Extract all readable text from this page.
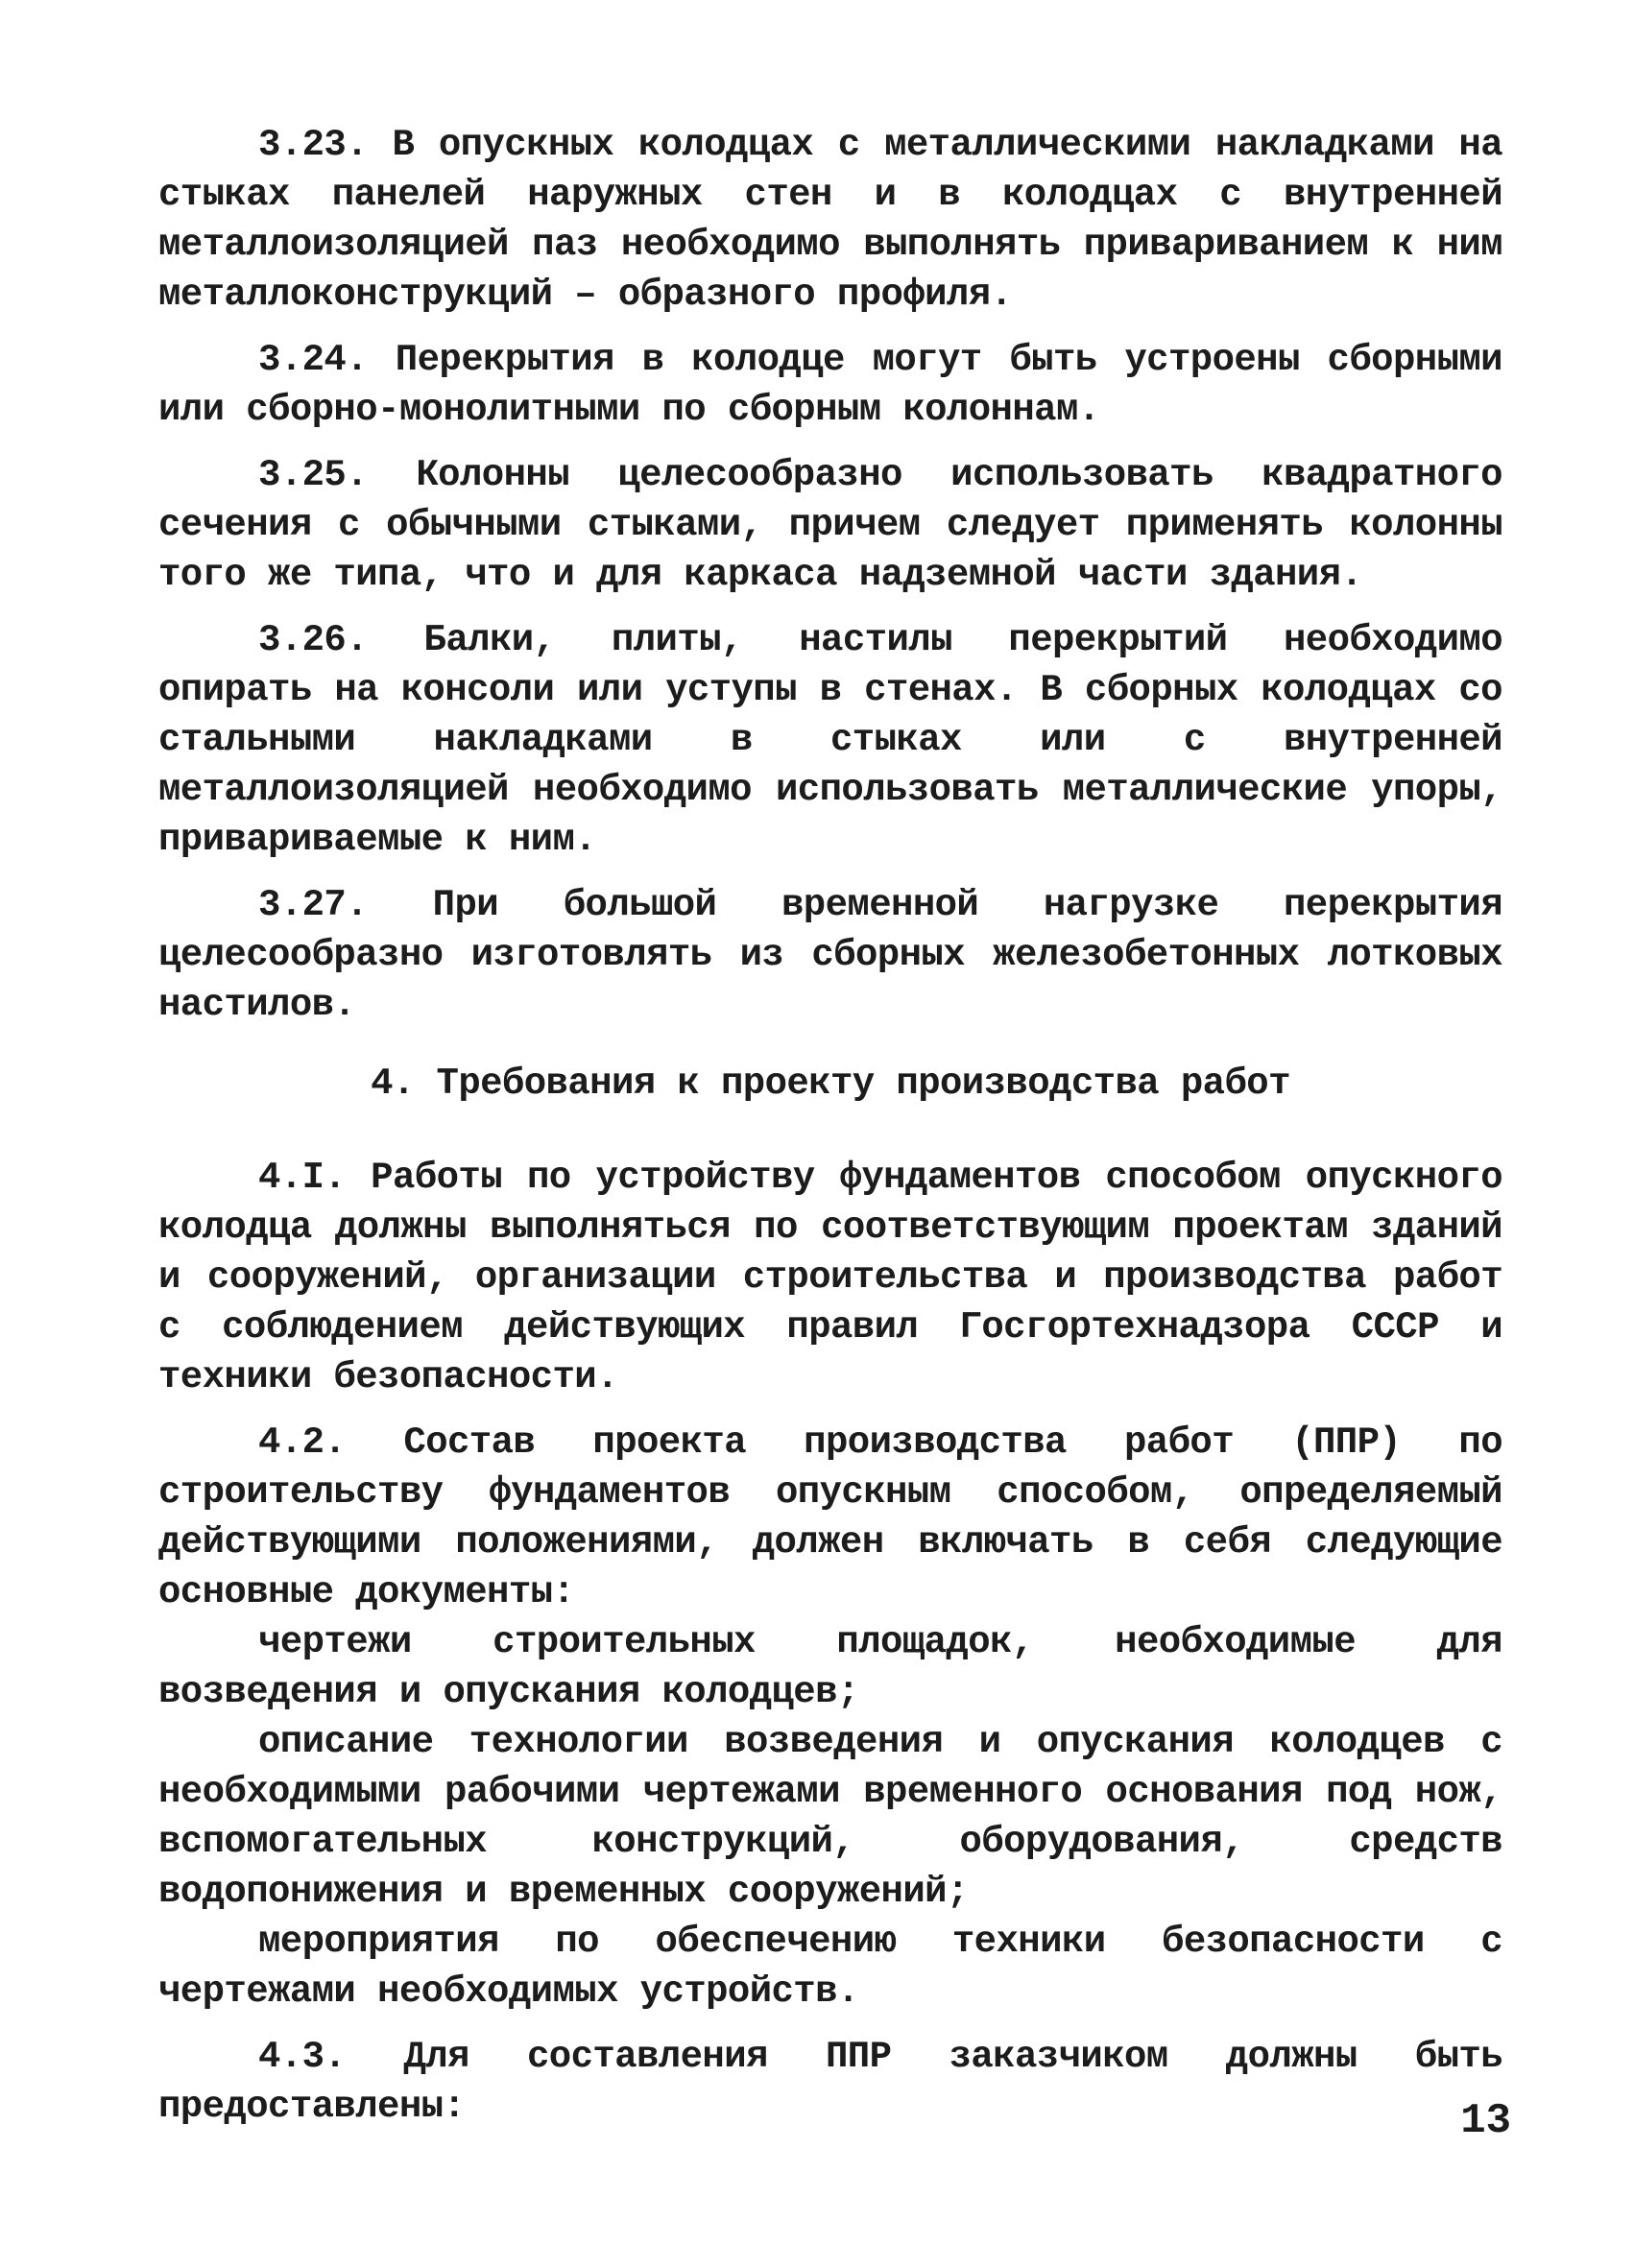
3.23. В опускных колодцах с металлическими накладками на стыках панелей наружных стен и в колодцах с внутренней металлоизоляцией паз необходимо выполнять привариванием к ним металлоконструкций – образного профиля.

3.24. Перекрытия в колодце могут быть устроены сборными или сборно-монолитными по сборным колоннам.

3.25. Колонны целесообразно использовать квадратного сечения с обычными стыками, причем следует применять колонны того же типа, что и для каркаса надземной части здания.

3.26. Балки, плиты, настилы перекрытий необходимо опирать на консоли или уступы в стенах. В сборных колодцах со стальными накладками в стыках или с внутренней металлоизоляцией необходимо использовать металлические упоры, привариваемые к ним.

3.27. При большой временной нагрузке перекрытия целесообразно изготовлять из сборных железобетонных лотковых настилов.

4. Требования к проекту производства работ

4.I. Работы по устройству фундаментов способом опускного колодца должны выполняться по соответствующим проектам зданий и сооружений, организации строительства и производства работ с соблюдением действующих правил Госгортехнадзора СССР и техники безопасности.

4.2. Состав проекта производства работ (ППР) по строительству фундаментов опускным способом, определяемый действующими положениями, должен включать в себя следующие основные документы:

чертежи строительных площадок, необходимые для возведения и опускания колодцев;

описание технологии возведения и опускания колодцев с необходимыми рабочими чертежами временного основания под нож, вспомогательных конструкций, оборудования, средств водопонижения и временных сооружений;

мероприятия по обеспечению техники безопасности с чертежами необходимых устройств.

4.3. Для составления ППР заказчиком должны быть предоставлены:	13
